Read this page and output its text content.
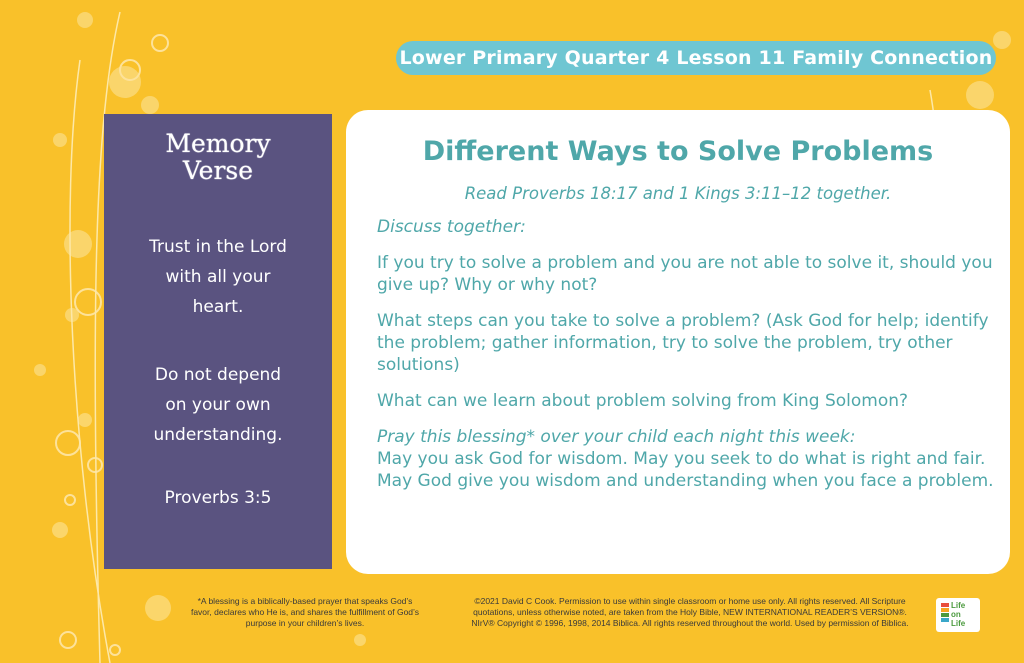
Lower Primary Quarter 4 Lesson 11 Family Connection
Memory
Verse
Trust in the Lord
with all your
heart.
Do not depend
on your own
understanding.
Proverbs 3:5
Different Ways to Solve Problems
Read Proverbs 18:17 and 1 Kings 3:11–12 together.

Discuss together:

If you try to solve a problem and you are not able to solve it, should you give up? Why or why not?

What steps can you take to solve a problem? (Ask God for help; identify the problem; gather information, try to solve the problem, try other solutions)

What can we learn about problem solving from King Solomon?

Pray this blessing* over your child each night this week:

May you ask God for wisdom. May you seek to do what is right and fair. May God give you wisdom and understanding when you face a problem.

*A blessing is a biblically-based prayer that speaks God’s favor, declares who He is, and shares the fulfillment of God’s purpose in your children’s lives.
©2021 David C Cook. Permission to use within single classroom or home use only. All rights reserved. All Scripture quotations, unless otherwise noted, are taken from the Holy Bible, NEW INTERNATIONAL READER’S VERSION®. NIrV® Copyright © 1996, 1998, 2014 Biblica. All rights reserved throughout the world. Used by permission of Biblica.
Life
on
Life
